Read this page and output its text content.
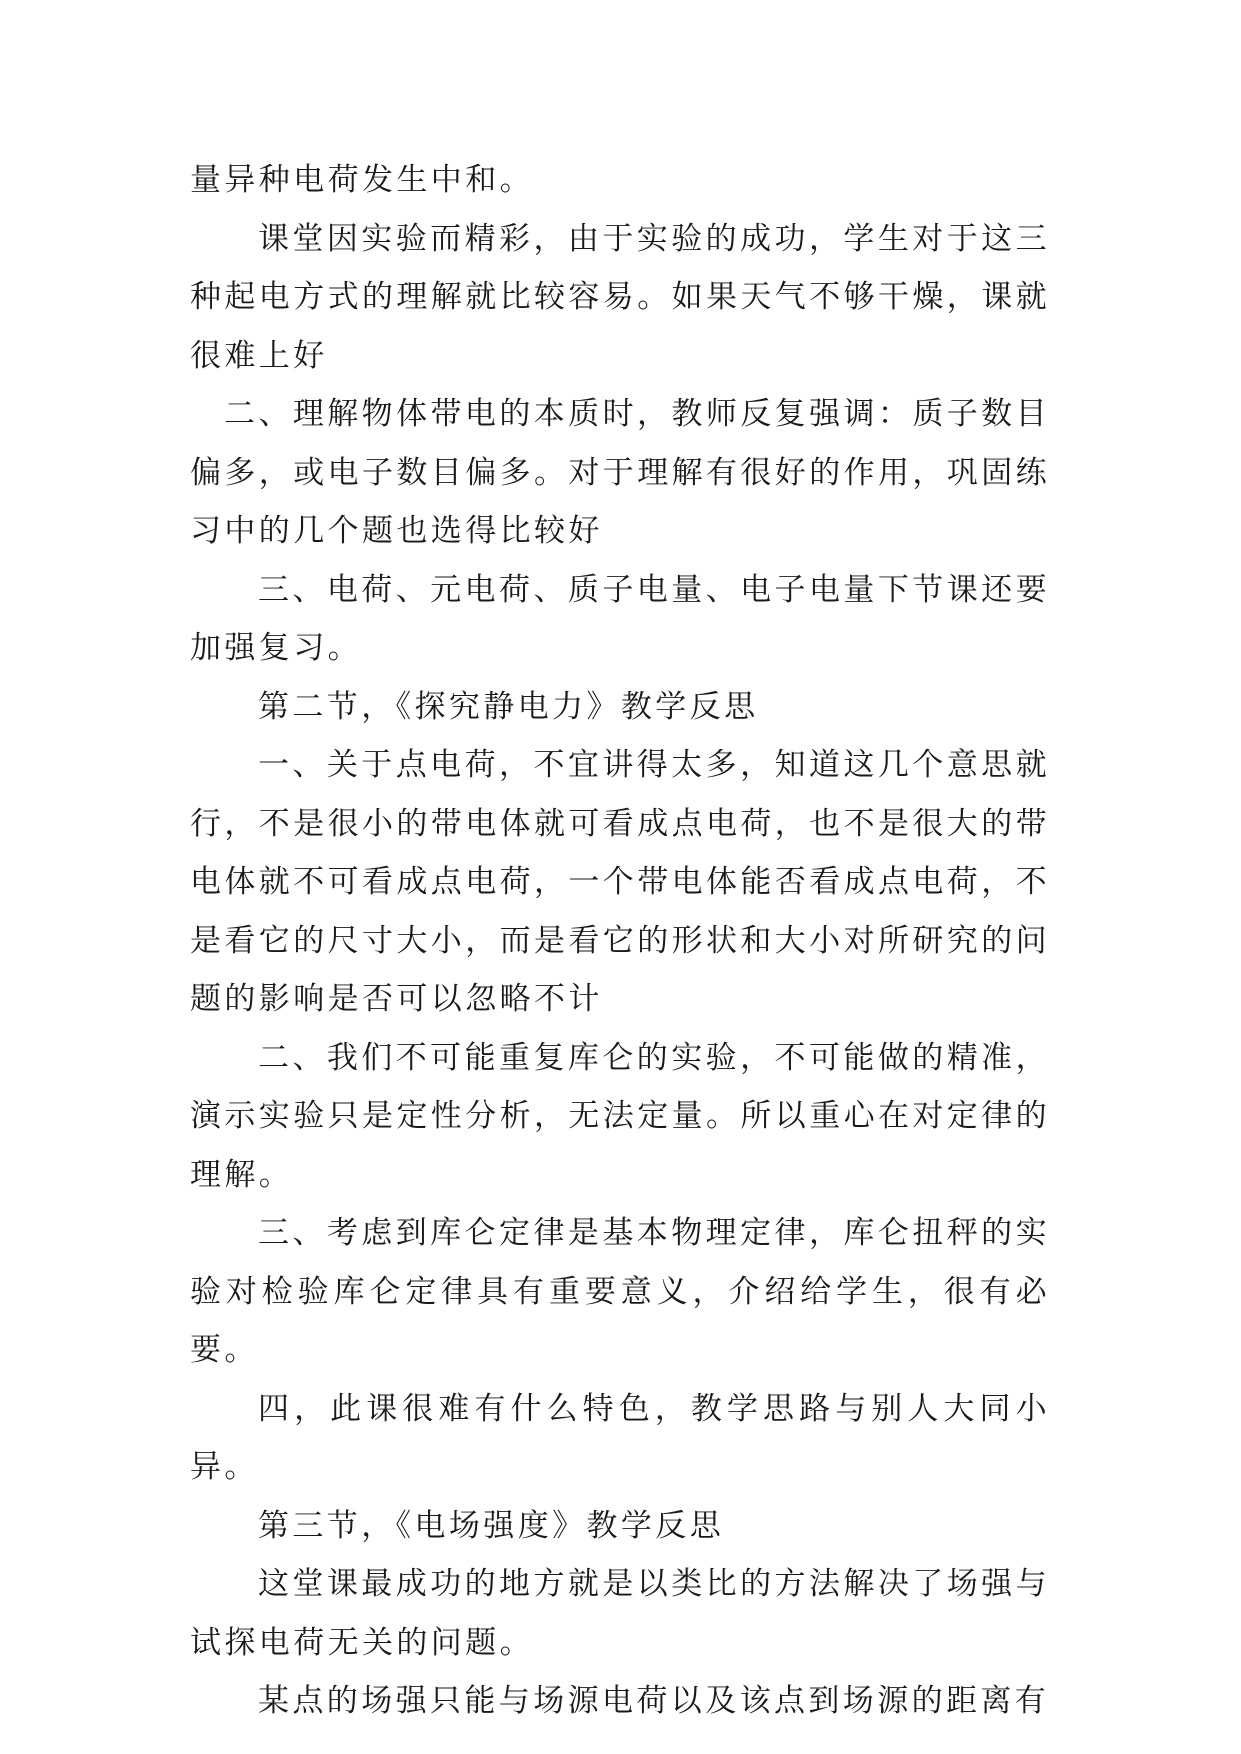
量异种电荷发生中和。

课堂因实验而精彩，由于实验的成功，学生对于这三种起电方式的理解就比较容易。如果天气不够干燥，课就很难上好

二、理解物体带电的本质时，教师反复强调：质子数目偏多，或电子数目偏多。对于理解有很好的作用，巩固练习中的几个题也选得比较好

三、电荷、元电荷、质子电量、电子电量下节课还要加强复习。

第二节，《探究静电力》教学反思

一、关于点电荷，不宜讲得太多，知道这几个意思就行，不是很小的带电体就可看成点电荷，也不是很大的带电体就不可看成点电荷，一个带电体能否看成点电荷，不是看它的尺寸大小，而是看它的形状和大小对所研究的问题的影响是否可以忽略不计

二、我们不可能重复库仑的实验，不可能做的精准，演示实验只是定性分析，无法定量。所以重心在对定律的理解。

三、考虑到库仑定律是基本物理定律，库仑扭秤的实验对检验库仑定律具有重要意义，介绍给学生，很有必要。

四，此课很难有什么特色，教学思路与别人大同小异。

第三节，《电场强度》教学反思

这堂课最成功的地方就是以类比的方法解决了场强与试探电荷无关的问题。

某点的场强只能与场源电荷以及该点到场源的距离有
